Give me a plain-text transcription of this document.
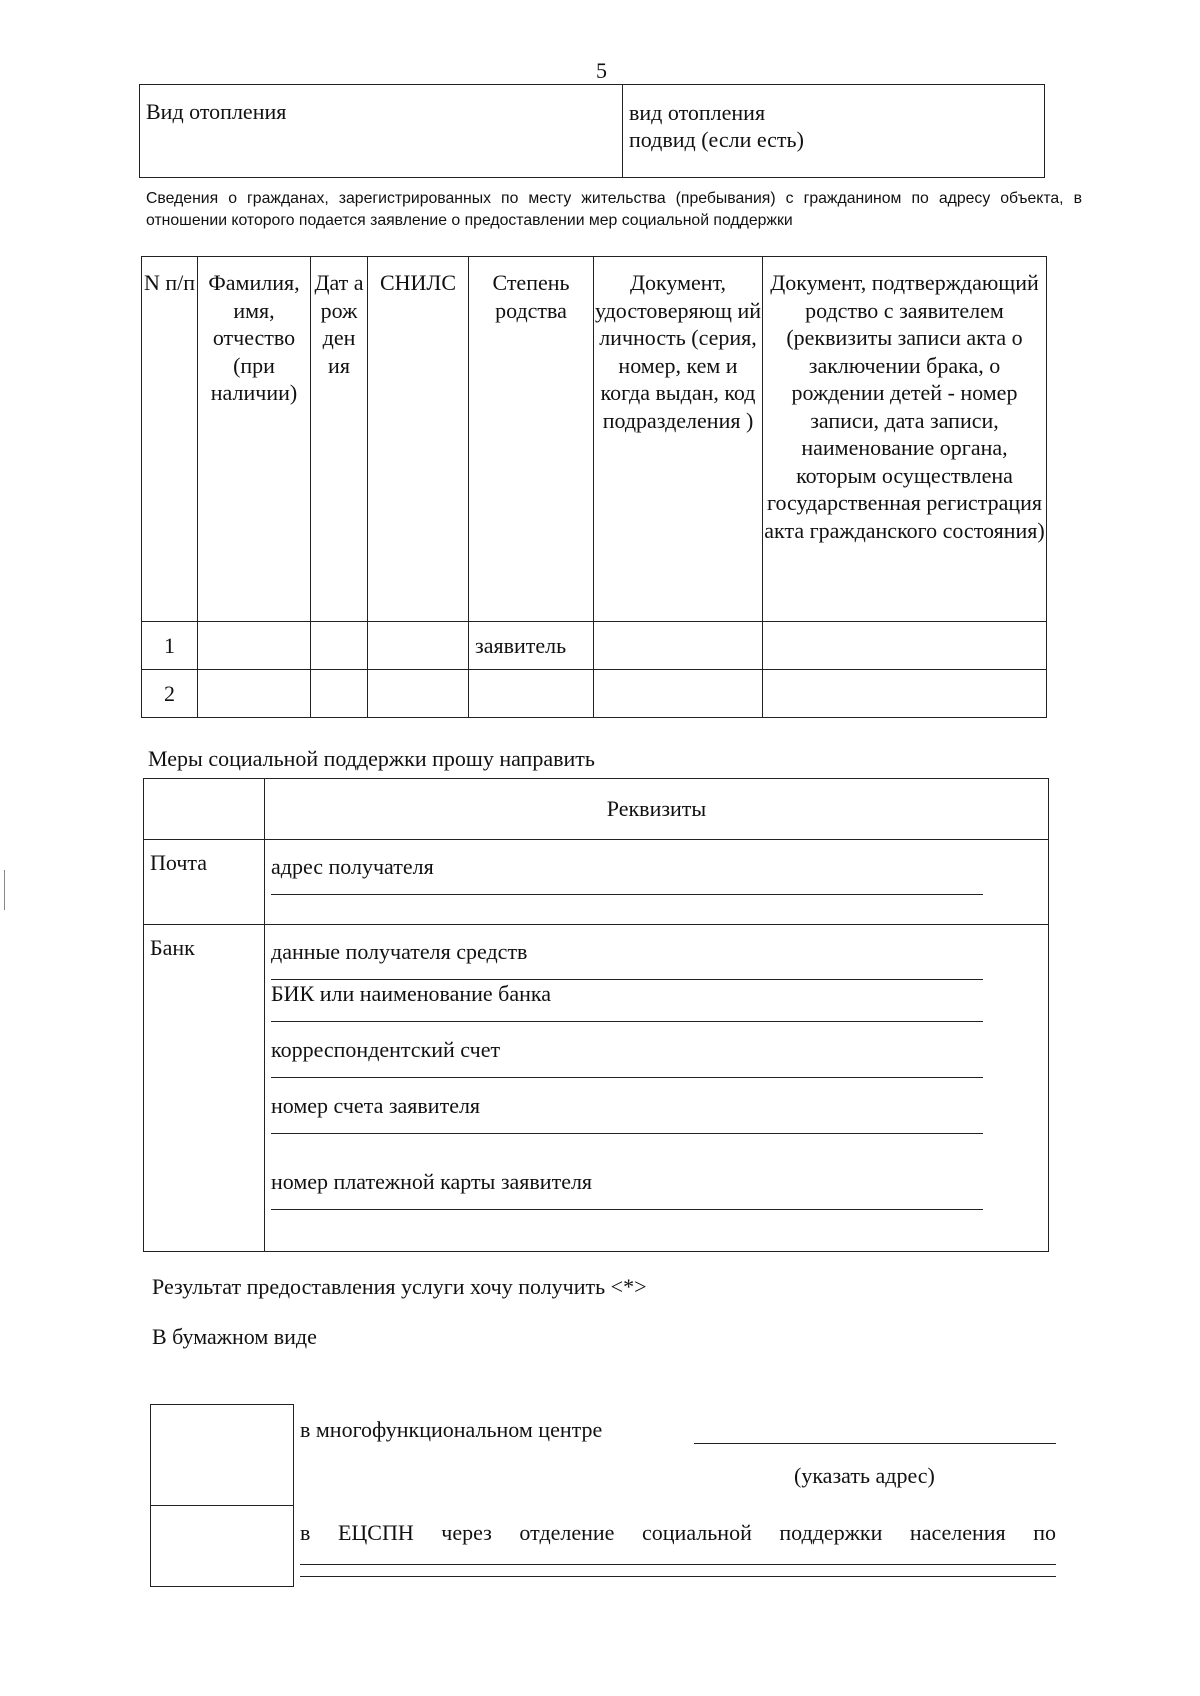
5
Вид отопления	вид отопления
подвид (если есть)
Сведения о гражданах, зарегистрированных по месту жительства (пребывания) с гражданином по адресу объекта, в отношении которого подается заявление о предоставлении мер социальной поддержки
N п/п	Фамилия, имя, отчество (при наличии)	Дат а рож ден ия	СНИЛС	Степень родства	Документ, удостоверяющ ий личность (серия, номер, кем и когда выдан, код подразделения )	Документ, подтверждающий родство с заявителем (реквизиты записи акта о заключении брака, о рождении детей - номер записи, дата записи, наименование органа, которым осуществлена государственная регистрация акта гражданского состояния)
1				заявитель		
2						
Меры социальной поддержки прошу направить
	Реквизиты
Почта	адрес получателя

Банк	данные получателя средств
БИК или наименование банка
корреспондентский счет
номер счета заявителя
номер платежной карты заявителя
Результат предоставления услуги хочу получить <*>
В бумажном виде

	в многофункциональном центре
(указать адрес)

	в ЕЦСПН через отделение социальной поддержки населения по
